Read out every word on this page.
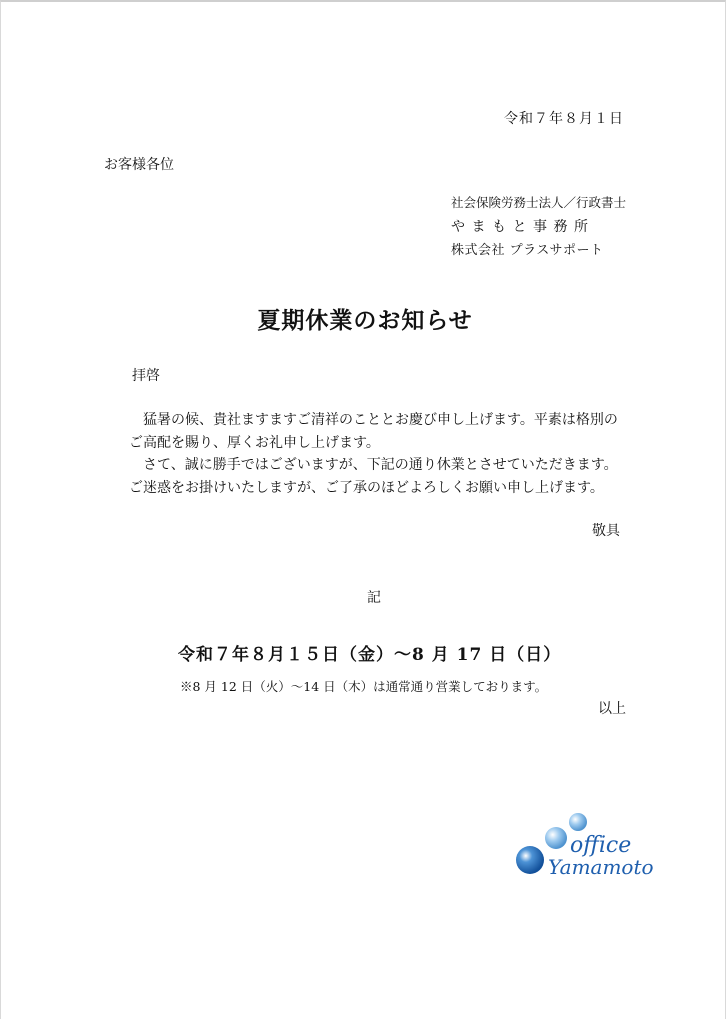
令和７年８月１日
お客様各位
社会保険労務士法人／行政書士
やまもと事務所
株式会社 プラスサポート
夏期休業のお知らせ
拝啓

　猛暑の候、貴社ますますご清祥のこととお慶び申し上げます。平素は格別のご高配を賜り、厚くお礼申し上げます。

　さて、誠に勝手ではございますが、下記の通り休業とさせていただきます。ご迷惑をお掛けいたしますが、ご了承のほどよろしくお願い申し上げます。

敬具
記
令和７年８月１５日（金）～8 月 17 日（日）
※8 月 12 日（火）～14 日（木）は通常通り営業しております。
以上
office
Yamamoto
